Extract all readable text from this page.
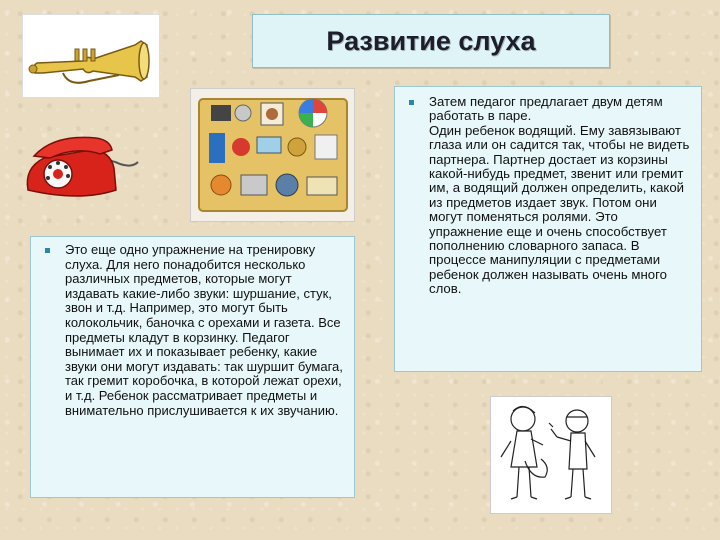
Развитие слуха

Это еще одно упражнение на тренировку слуха. Для него понадобится несколько различных предметов, которые могут издавать какие-либо звуки: шуршание, стук, звон и т.д. Например, это могут быть колокольчик, баночка с орехами и газета. Все предметы кладут в корзинку. Педагог вынимает их и показывает ребенку, какие звуки они могут издавать: так шуршит бумага, так гремит коробочка, в которой лежат орехи, и т.д. Ребенок рассматривает предметы и внимательно прислушивается к их звучанию.

Затем педагог предлагает двум детям работать в паре.
Один ребенок водящий. Ему завязывают глаза или он садится так, чтобы не видеть партнера. Партнер достает из корзины какой-нибудь предмет, звенит или гремит им, а водящий должен определить, какой из предметов издает звук. Потом они могут поменяться ролями. Это упражнение еще и очень способствует пополнению словарного запаса. В процессе манипуляции с предметами ребенок должен называть очень много слов.
